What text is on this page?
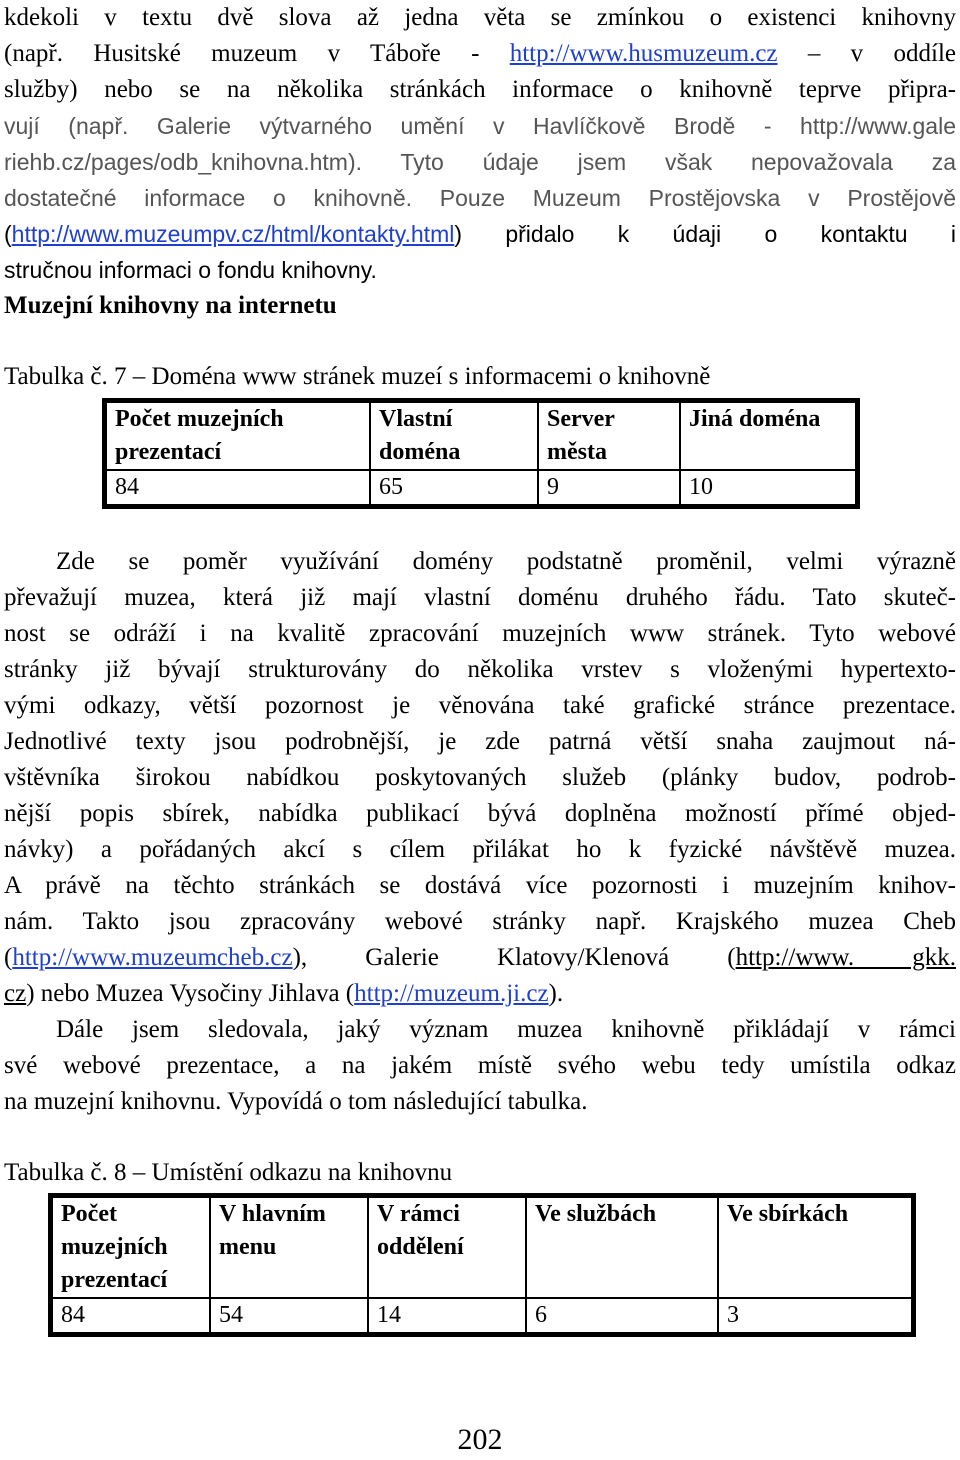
kdekoli v textu dvě slova až jedna věta se zmínkou o existenci knihovny
(např. Husitské muzeum v Táboře - http://www.husmuzeum.cz – v oddíle
služby) nebo se na několika stránkách informace o knihovně teprve připra-
vují (např. Galerie výtvarného umění v Havlíčkově Brodě - http://www.gale
riehb.cz/pages/odb_knihovna.htm). Tyto údaje jsem však nepovažovala za
dostatečné informace o knihovně. Pouze Muzeum Prostějovska v Prostějově
(http://www.muzeumpv.cz/html/kontakty.html) přidalo k údaji o kontaktu i
stručnou informaci o fondu knihovny.
Muzejní knihovny na internetu
Tabulka č. 7 – Doména www stránek muzeí s informacemi o knihovně
Počet muzejních prezentací	Vlastní doména	Server města	Jiná doména
84	65	9	10
Zde se poměr využívání domény podstatně proměnil, velmi výrazně
převažují muzea, která již mají vlastní doménu druhého řádu. Tato skuteč-
nost se odráží i na kvalitě zpracování muzejních www stránek. Tyto webové
stránky již bývají strukturovány do několika vrstev s vloženými hypertexto-
vými odkazy, větší pozornost je věnována také grafické stránce prezentace.
Jednotlivé texty jsou podrobnější, je zde patrná větší snaha zaujmout ná-
vštěvníka širokou nabídkou poskytovaných služeb (plánky budov, podrob-
nější popis sbírek, nabídka publikací bývá doplněna možností přímé objed-
návky) a pořádaných akcí s cílem přilákat ho k fyzické návštěvě muzea.
A právě na těchto stránkách se dostává více pozornosti i muzejním knihov-
nám. Takto jsou zpracovány webové stránky např. Krajského muzea Cheb
(http://www.muzeumcheb.cz), Galerie Klatovy/Klenová (http://www. gkk.
cz) nebo Muzea Vysočiny Jihlava (http://muzeum.ji.cz).
Dále jsem sledovala, jaký význam muzea knihovně přikládají v rámci
své webové prezentace, a na jakém místě svého webu tedy umístila odkaz
na muzejní knihovnu. Vypovídá o tom následující tabulka.
Tabulka č. 8 – Umístění odkazu na knihovnu
Počet muzejních prezentací	V hlavním menu	V rámci oddělení	Ve službách	Ve sbírkách
84	54	14	6	3
202
